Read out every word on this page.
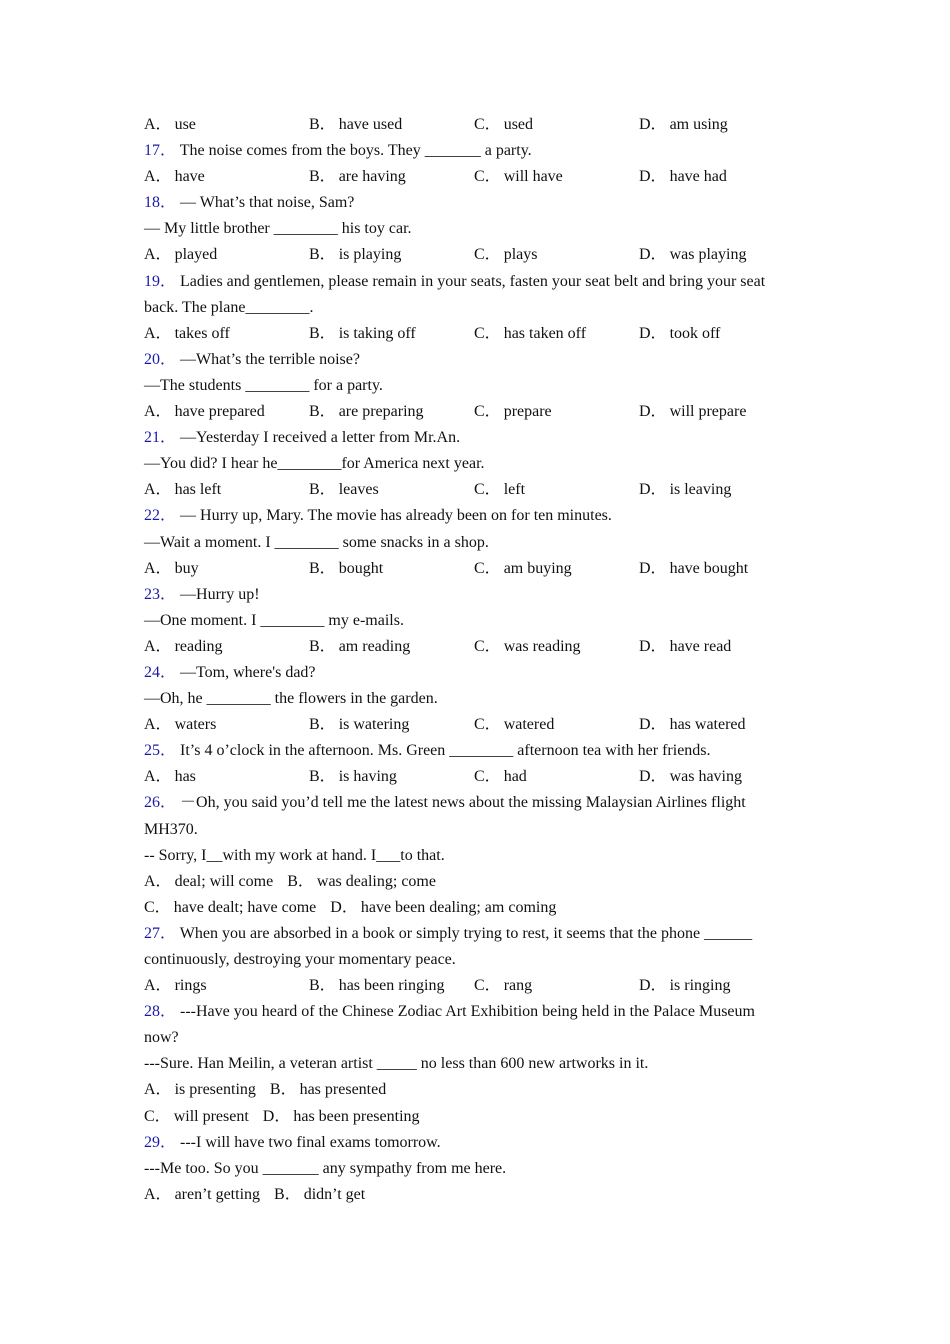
A． use	B． have used	C． used	D． am using
17． The noise comes from the boys. They _______ a party.
A． have	B． are having	C． will have	D． have had
18． — What’s that noise, Sam?
— My little brother ________ his toy car.
A． played	B． is playing	C． plays	D． was playing
19． Ladies and gentlemen, please remain in your seats, fasten your seat belt and bring your seat
back. The plane________.
A． takes off	B． is taking off	C． has taken off	D． took off
20． —What’s the terrible noise?
—The students ________ for a party.
A． have prepared	B． are preparing	C． prepare	D． will prepare
21． —Yesterday I received a letter from Mr.An.
—You did? I hear he________for America next year.
A． has left	B． leaves	C． left	D． is leaving
22． — Hurry up, Mary. The movie has already been on for ten minutes.
—Wait a moment. I ________ some snacks in a shop.
A． buy	B． bought	C． am buying	D． have bought
23． —Hurry up!
—One moment. I ________ my e-mails.
A． reading	B． am reading	C． was reading	D． have read
24． —Tom, where's dad?
—Oh, he ________ the flowers in the garden.
A． waters	B． is watering	C． watered	D． has watered
25． It’s 4 o’clock in the afternoon. Ms. Green ________ afternoon tea with her friends.
A． has	B． is having	C． had	D． was having
26． －Oh, you said you’d tell me the latest news about the missing Malaysian Airlines flight
MH370.
-- Sorry, I__with my work at hand. I___to that.
A． deal; will come B． was dealing; come
C． have dealt; have come D． have been dealing; am coming
27． When you are absorbed in a book or simply trying to rest, it seems that the phone ______
continuously, destroying your momentary peace.
A． rings	B． has been ringing	C． rang	D． is ringing
28． ---Have you heard of the Chinese Zodiac Art Exhibition being held in the Palace Museum
now?
---Sure. Han Meilin, a veteran artist _____ no less than 600 new artworks in it.
A． is presenting B． has presented
C． will present D． has been presenting
29． ---I will have two final exams tomorrow.
---Me too. So you _______ any sympathy from me here.
A． aren’t getting B． didn’t get
